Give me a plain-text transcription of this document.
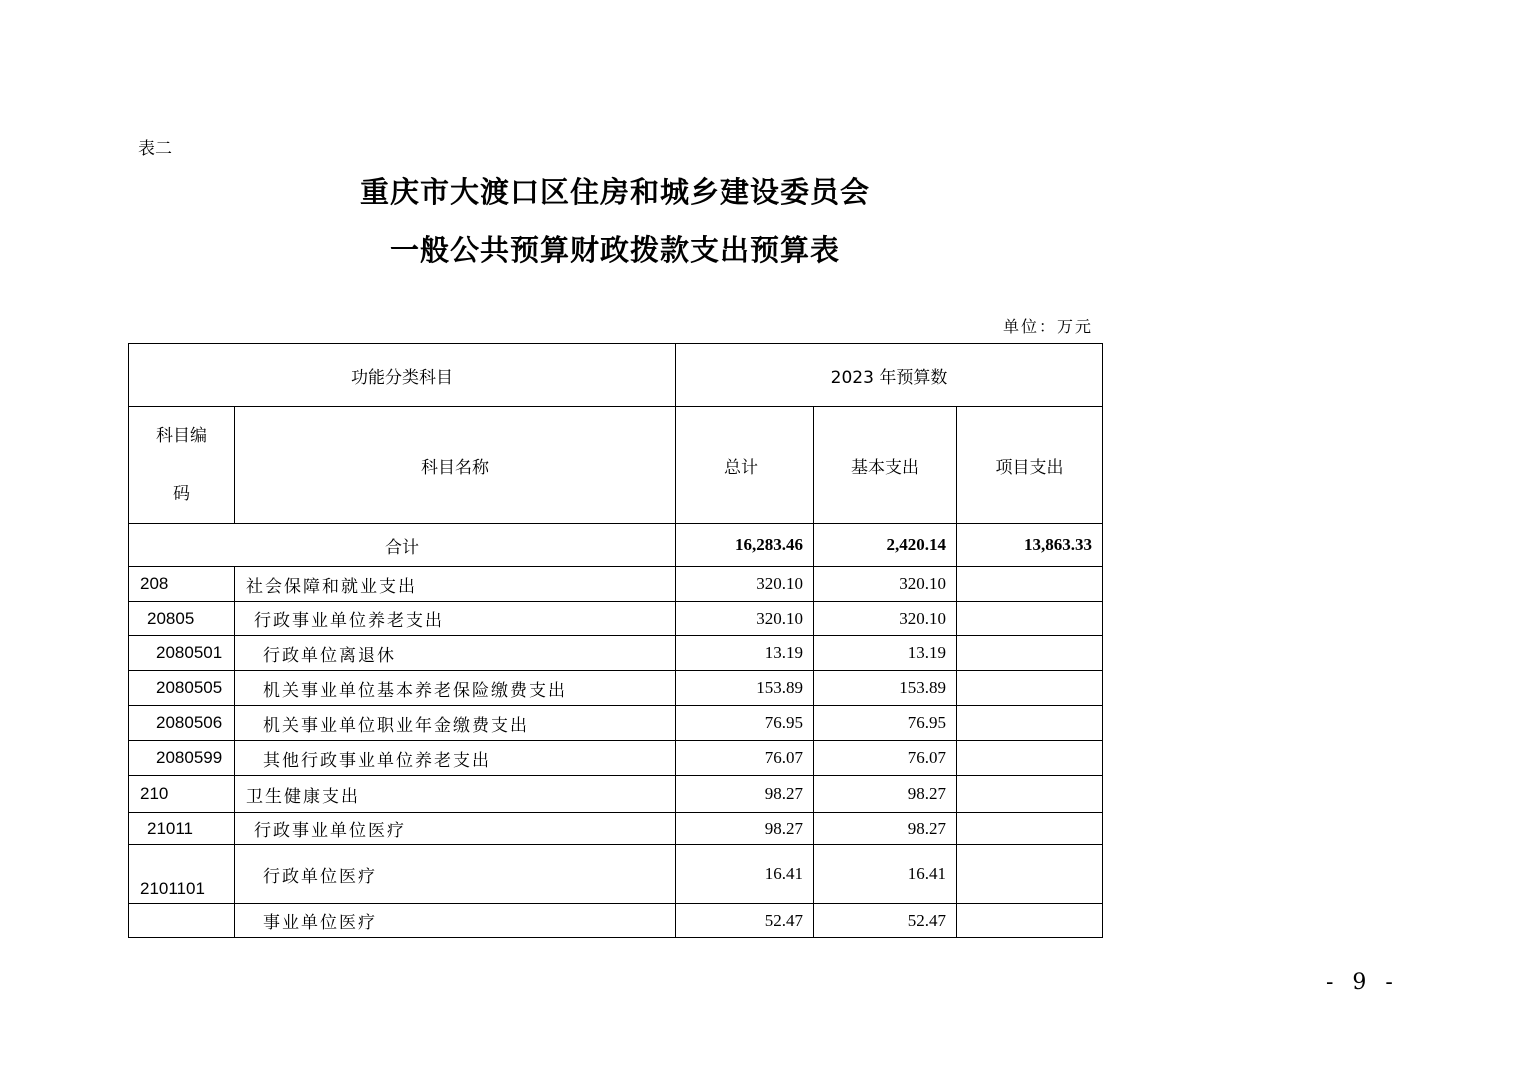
表二
重庆市大渡口区住房和城乡建设委员会
一般公共预算财政拨款支出预算表
单位：万元
功能分类科目		2023 年预算数		
科目编
码	科目名称	总计	基本支出	项目支出
合计		16,283.46	2,420.14	13,863.33
208	社会保障和就业支出	320.10	320.10	
20805	行政事业单位养老支出	320.10	320.10	
2080501	行政单位离退休	13.19	13.19	
2080505	机关事业单位基本养老保险缴费支出	153.89	153.89	
2080506	机关事业单位职业年金缴费支出	76.95	76.95	
2080599	其他行政事业单位养老支出	76.07	76.07	
210	卫生健康支出	98.27	98.27	
21011	行政事业单位医疗	98.27	98.27	
2101101	行政单位医疗	16.41	16.41	
	事业单位医疗	52.47	52.47	
- 9 -
